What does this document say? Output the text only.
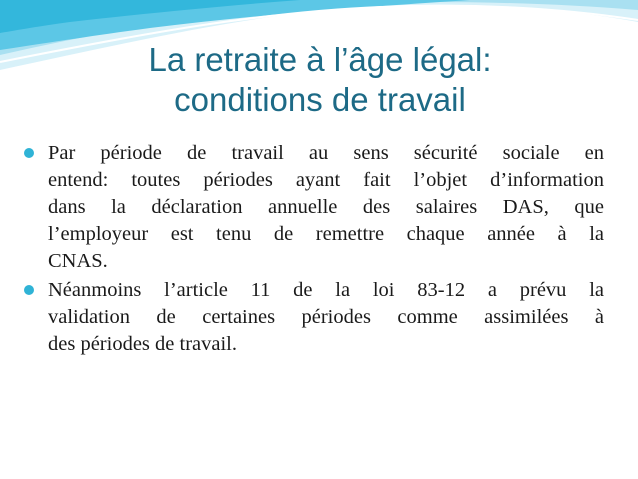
La retraite à l’âge légal:
conditions de travail
Par période de travail au sens sécurité sociale en
entend: toutes périodes ayant fait l’objet d’information
dans la déclaration annuelle des salaires DAS, que
l’employeur est tenu de remettre chaque année à la
CNAS.
Néanmoins l’article 11 de la loi 83-12 a prévu la
validation de certaines périodes comme assimilées à
des périodes de travail.
